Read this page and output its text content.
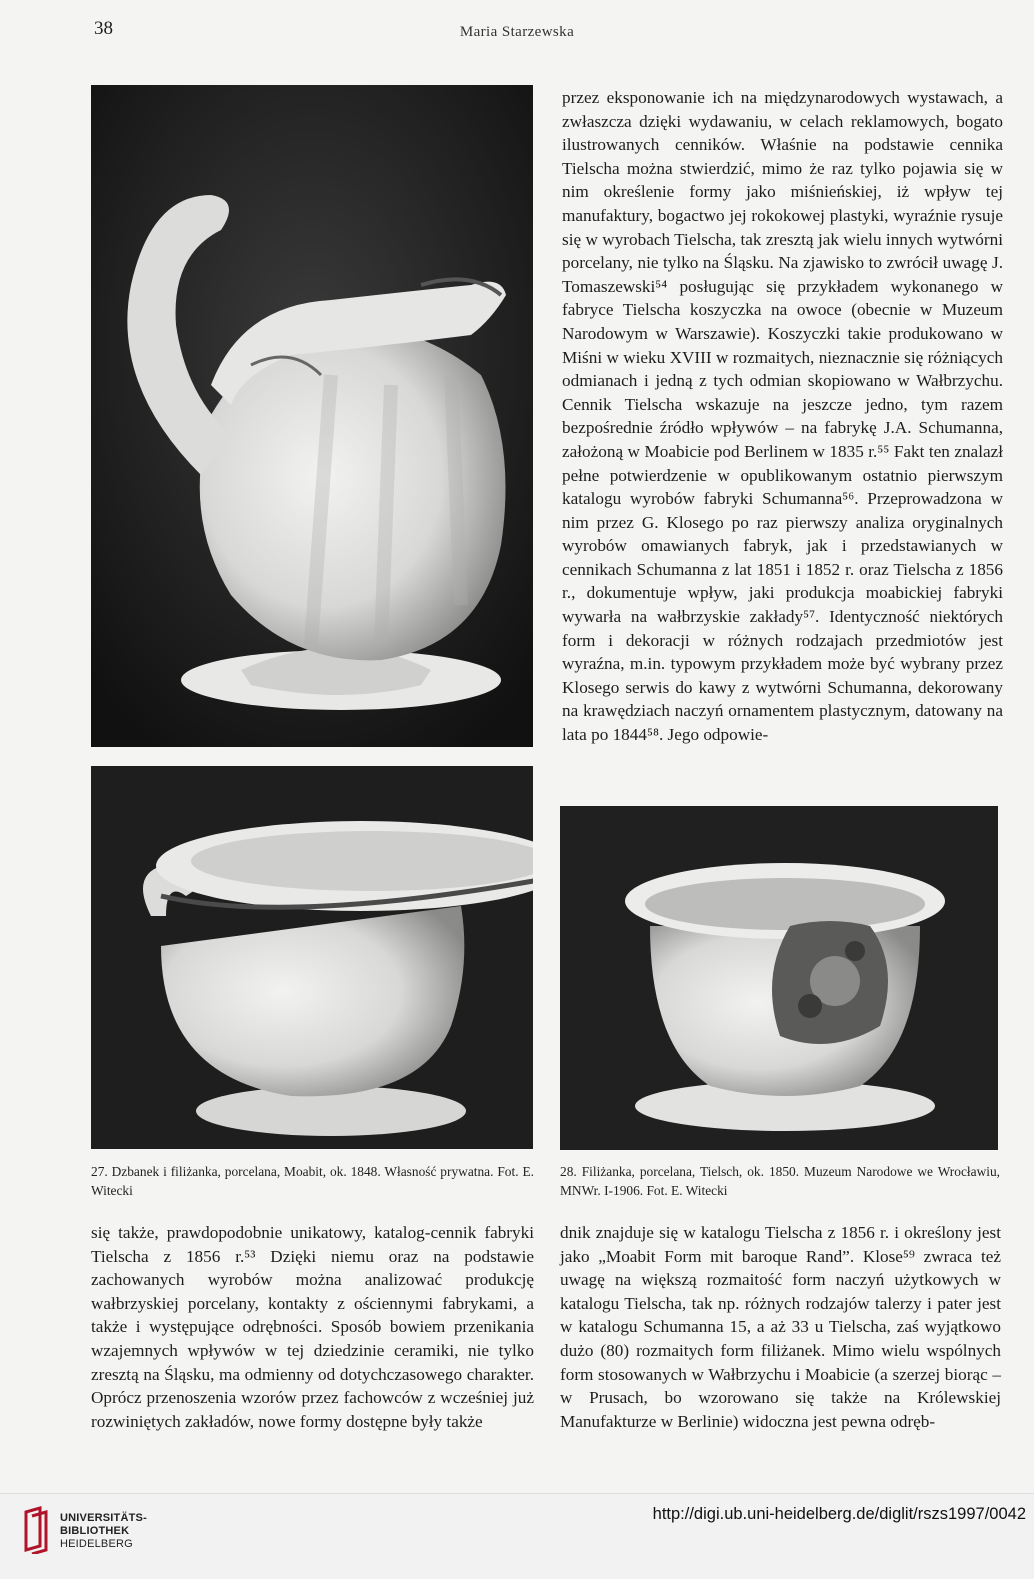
38	Maria Starzewska

przez eksponowanie ich na międzynarodowych wystawach, a zwłaszcza dzięki wydawaniu, w celach reklamowych, bogato ilustrowanych cenników. Właśnie na podstawie cennika Tielscha można stwierdzić, mimo że raz tylko pojawia się w nim określenie formy jako miśnieńskiej, iż wpływ tej manufaktury, bogactwo jej rokokowej plastyki, wyraźnie rysuje się w wyrobach Tielscha, tak zresztą jak wielu innych wytwórni porcelany, nie tylko na Śląsku. Na zjawisko to zwrócił uwagę J. Tomaszewski⁵⁴ posługując się przykładem wykonanego w fabryce Tielscha koszyczka na owoce (obecnie w Muzeum Narodowym w Warszawie). Koszyczki takie produkowano w Miśni w wieku XVIII w rozmaitych, nieznacznie się różniących odmianach i jedną z tych odmian skopiowano w Wałbrzychu. Cennik Tielscha wskazuje na jeszcze jedno, tym razem bezpośrednie źródło wpływów – na fabrykę J.A. Schumanna, założoną w Moabicie pod Berlinem w 1835 r.⁵⁵ Fakt ten znalazł pełne potwierdzenie w opublikowanym ostatnio pierwszym katalogu wyrobów fabryki Schumanna⁵⁶. Przeprowadzona w nim przez G. Klosego po raz pierwszy analiza oryginalnych wyrobów omawianych fabryk, jak i przedstawianych w cennikach Schumanna z lat 1851 i 1852 r. oraz Tielscha z 1856 r., dokumentuje wpływ, jaki produkcja moabickiej fabryki wywarła na wałbrzyskie zakłady⁵⁷. Identyczność niektórych form i dekoracji w różnych rodzajach przedmiotów jest wyraźna, m.in. typowym przykładem może być wybrany przez Klosego serwis do kawy z wytwórni Schumanna, dekorowany na krawędziach naczyń ornamentem plastycznym, datowany na lata po 1844⁵⁸. Jego odpowie-

27. Dzbanek i filiżanka, porcelana, Moabit, ok. 1848. Własność prywatna. Fot. E. Witecki
28. Filiżanka, porcelana, Tielsch, ok. 1850. Muzeum Narodowe we Wrocławiu, MNWr. I-1906. Fot. E. Witecki

się także, prawdopodobnie unikatowy, katalog-cennik fabryki Tielscha z 1856 r.⁵³ Dzięki niemu oraz na podstawie zachowanych wyrobów można analizować produkcję wałbrzyskiej porcelany, kontakty z ościennymi fabrykami, a także i występujące odrębności. Sposób bowiem przenikania wzajemnych wpływów w tej dziedzinie ceramiki, nie tylko zresztą na Śląsku, ma odmienny od dotychczasowego charakter. Oprócz przenoszenia wzorów przez fachowców z wcześniej już rozwiniętych zakładów, nowe formy dostępne były także

dnik znajduje się w katalogu Tielscha z 1856 r. i określony jest jako „Moabit Form mit baroque Rand”. Klose⁵⁹ zwraca też uwagę na większą rozmaitość form naczyń użytkowych w katalogu Tielscha, tak np. różnych rodzajów talerzy i pater jest w katalogu Schumanna 15, a aż 33 u Tielscha, zaś wyjątkowo dużo (80) rozmaitych form filiżanek. Mimo wielu wspólnych form stosowanych w Wałbrzychu i Moabicie (a szerzej biorąc – w Prusach, bo wzorowano się także na Królewskiej Manufakturze w Berlinie) widoczna jest pewna odręb-

UNIVERSITÄTS-
BIBLIOTHEK
HEIDELBERG
http://digi.ub.uni-heidelberg.de/diglit/rszs1997/0042
